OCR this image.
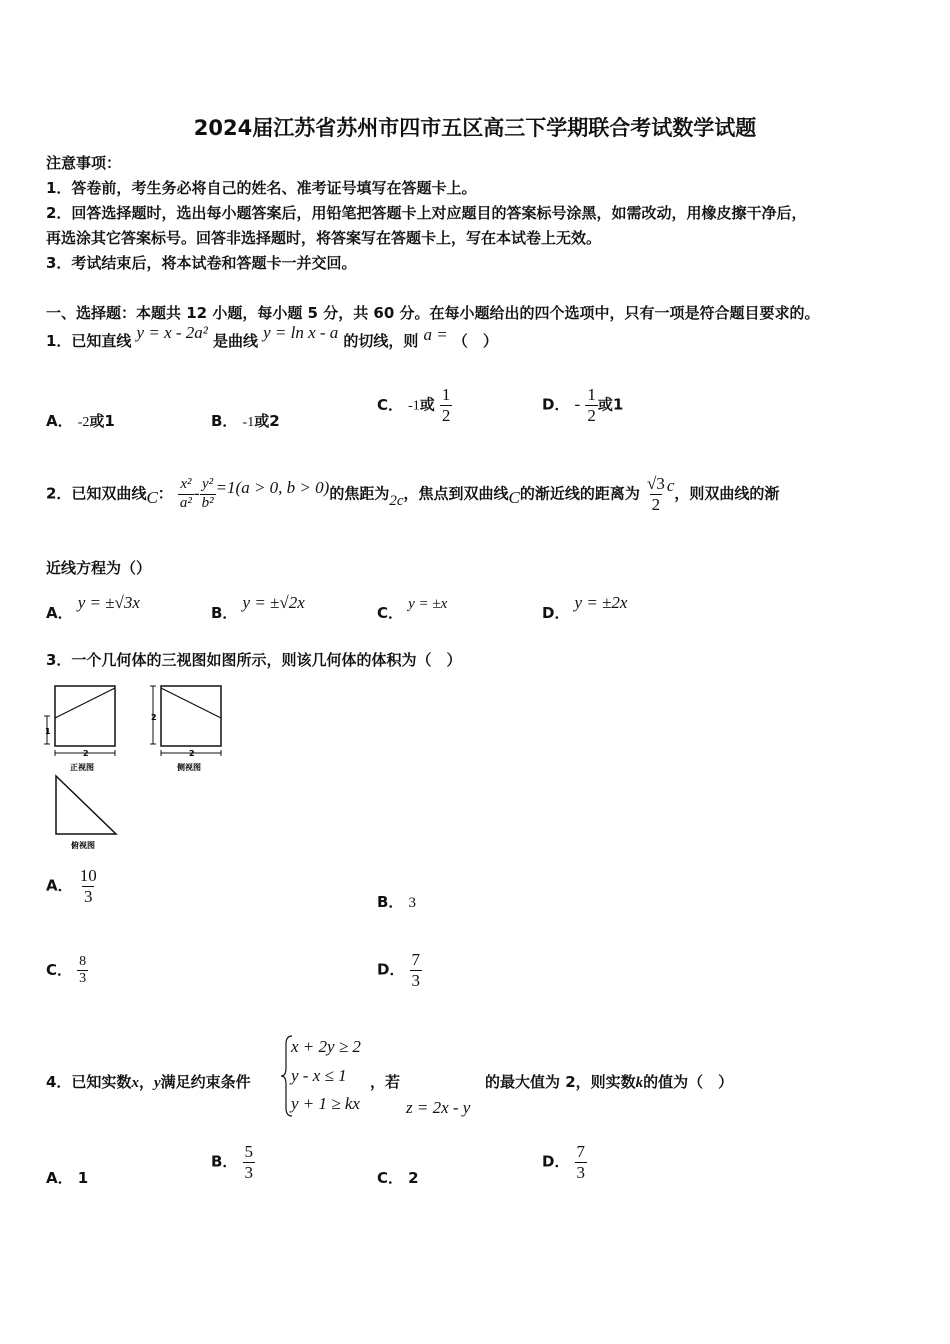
2024届江苏省苏州市四市五区高三下学期联合考试数学试题
注意事项：
1．答卷前，考生务必将自己的姓名、准考证号填写在答题卡上。
2．回答选择题时，选出每小题答案后，用铅笔把答题卡上对应题目的答案标号涂黑，如需改动，用橡皮擦干净后，
再选涂其它答案标号。回答非选择题时，将答案写在答题卡上，写在本试卷上无效。
3．考试结束后，将本试卷和答题卡一并交回。
一、选择题：本题共 12 小题，每小题 5 分，共 60 分。在每小题给出的四个选项中，只有一项是符合题目要求的。
1．已知直线 y = x - 2a² 是曲线 y = ln x - a 的切线，则 a = （　）
A． -2或1	B． -1或2
C． -1或 $\frac{1}{2}$	D． - $\frac{1}{2}$ 或1
2．已知双曲线C： $\frac{\text{x²}}{\text{a²}} - \frac{\text{y²}}{\text{b²}} =1(a > 0$, b > 0)的焦距为2c，焦点到双曲线C的渐近线的距离为 $\frac{√3}{2}$ c，则双曲线的渐
近线方程为（）
A． y = ±√3x
B． y = ±√2x
C． y = ±x	D． y = ±2x
3．一个几何体的三视图如图所示，则该几何体的体积为（　）
1
2
正视图
2
2
侧视图
俯视图
A． $\frac{10}{3}$	B． 3
C． $\frac{8}{3}$	D． $\frac{7}{3}$
4．已知实数x，y满足约束条件
x + 2y ≥ 2
y - x ≤ 1
y + 1 ≥ kx
，若
z = 2x - y
的最大值为 2，则实数k的值为（　）
A． 1
B． $\frac{5}{3}$	C． 2
D． $\frac{7}{3}$
